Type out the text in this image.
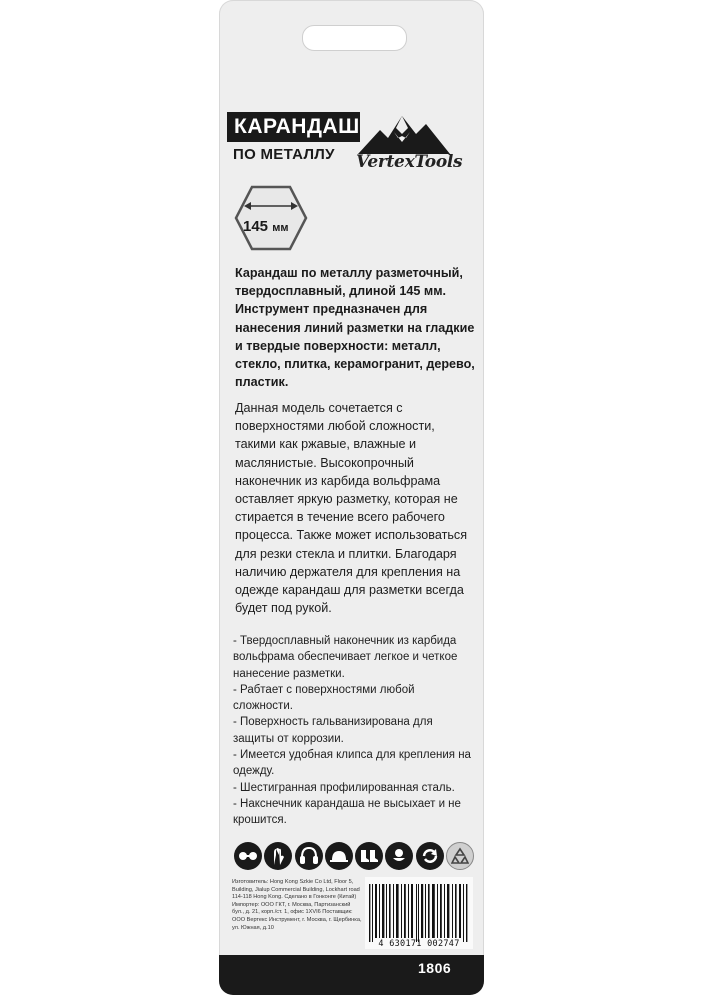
КАРАНДАШ
ПО МЕТАЛЛУ VertexTools
145 мм
Карандаш по металлу разметочный, твердосплавный, длиной 145 мм. Инструмент предназначен для нанесения линий разметки на гладкие и твердые поверхности: металл, стекло, плитка, керамогранит, дерево, пластик.
Данная модель сочетается с поверхностями любой сложности, такими как ржавые, влажные и маслянистые. Высокопрочный наконечник из карбида вольфрама оставляет яркую разметку, которая не стирается в течение всего рабочего процесса. Также может использоваться для резки стекла и плитки. Благодаря наличию держателя для крепления на одежде карандаш для разметки всегда будет под рукой.
- Твердосплавный наконечник из карбида вольфрама обеспечивает легкое и четкое нанесение разметки.
- Рабтает с поверхностями любой сложности.
- Поверхность гальванизирована для защиты от коррозии.
- Имеется удобная клипса для крепления на одежду.
- Шестигранная профилированная сталь.
- Накснечник карандаша не высыхает и не крошится.
Изготовитель: Hong Kong Szkie Co Ltd, Floor 5, Building, Jialup Commercial Building, Lockhart road 114-118 Hong Kong. Сделано в Гонконге (Китай) Импортер: ООО ГКТ, г. Москва, Партизанский бул., д. 21, корп./ст. 1, офис 1XVI6 Поставщик: ООО Вертекс Инструмент, г. Москва, г. Щербинка, ул. Южная, д.10
4 630171 002747
1806
